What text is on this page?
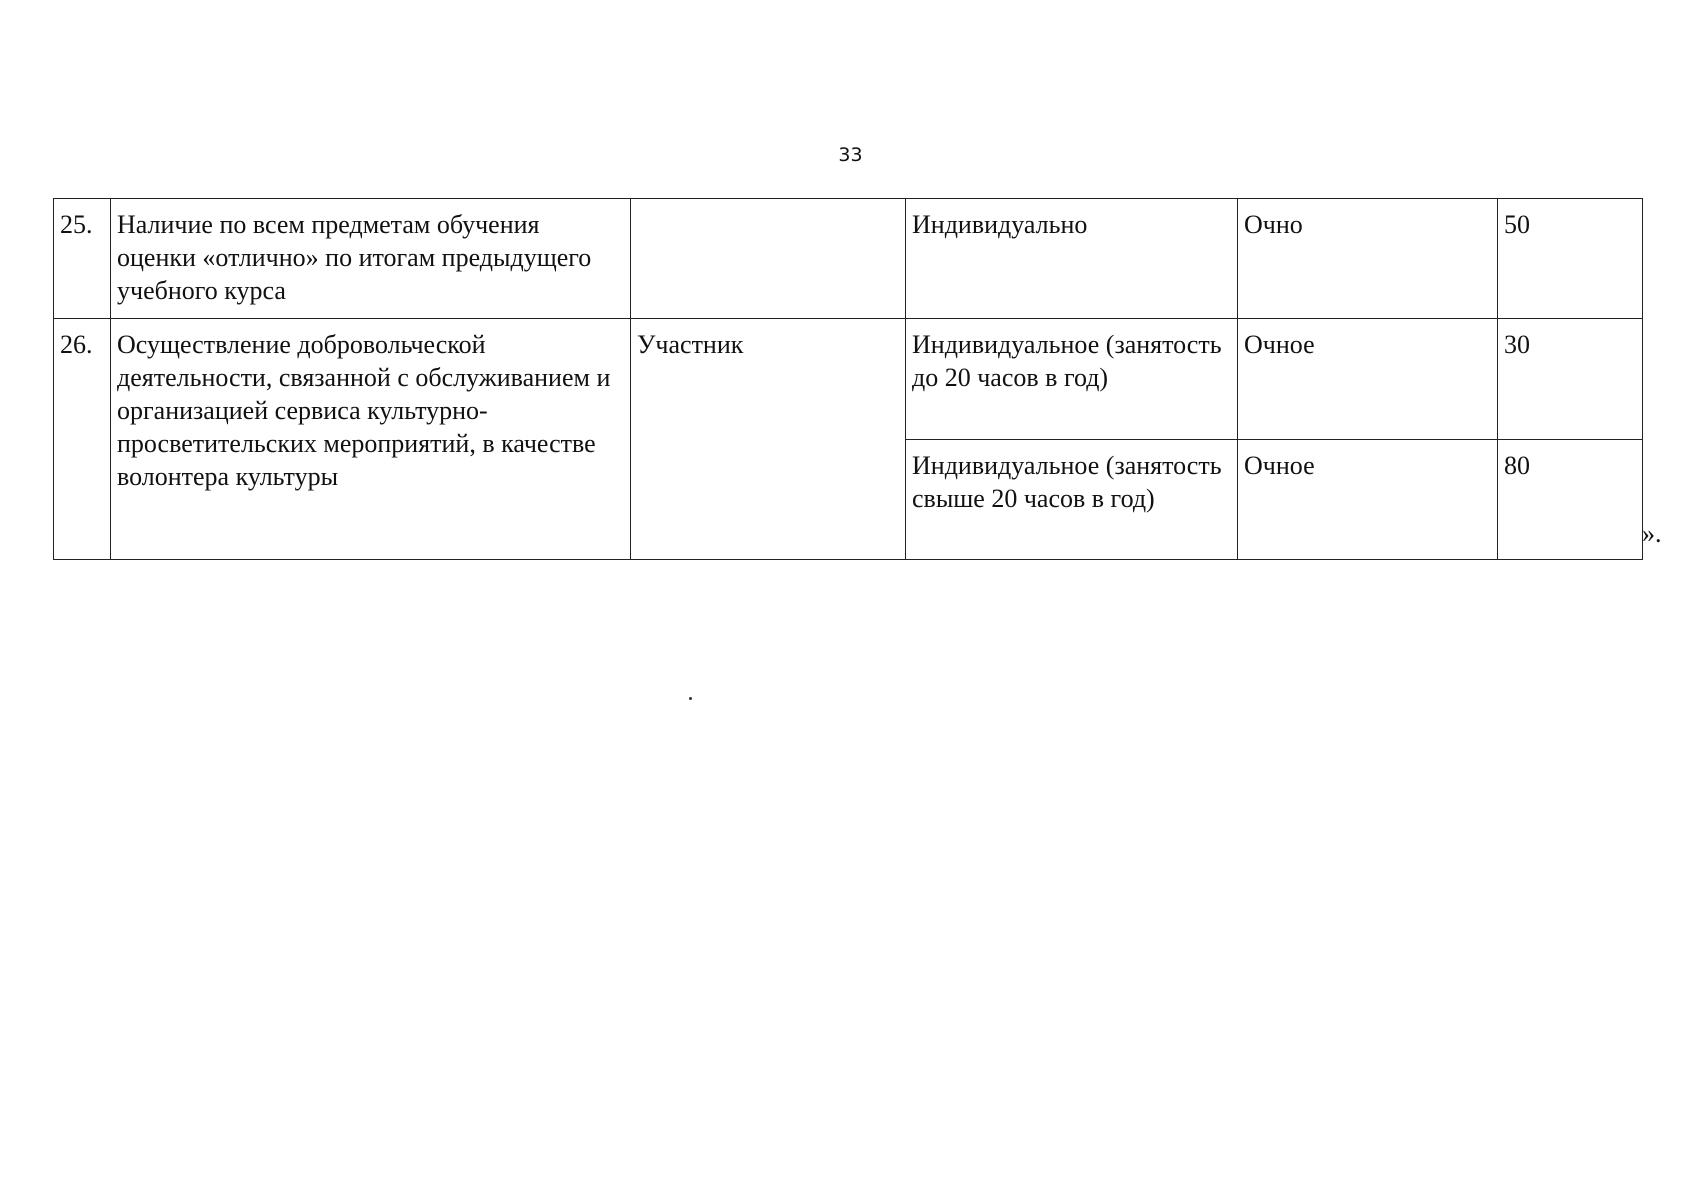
33
25.	Наличие по всем предметам обучения оценки «отлично» по итогам предыдущего учебного курса		Индивидуально	Очно	50
26.	Осуществление добровольческой деятельности, связанной с обслуживанием и организацией сервиса культурно-просветительских мероприятий, в качестве волонтера культуры	Участник	Индивидуальное (занятость до 20 часов в год)	Очное	30
			Индивидуальное (занятость свыше 20 часов в год)	Очное	80
».
